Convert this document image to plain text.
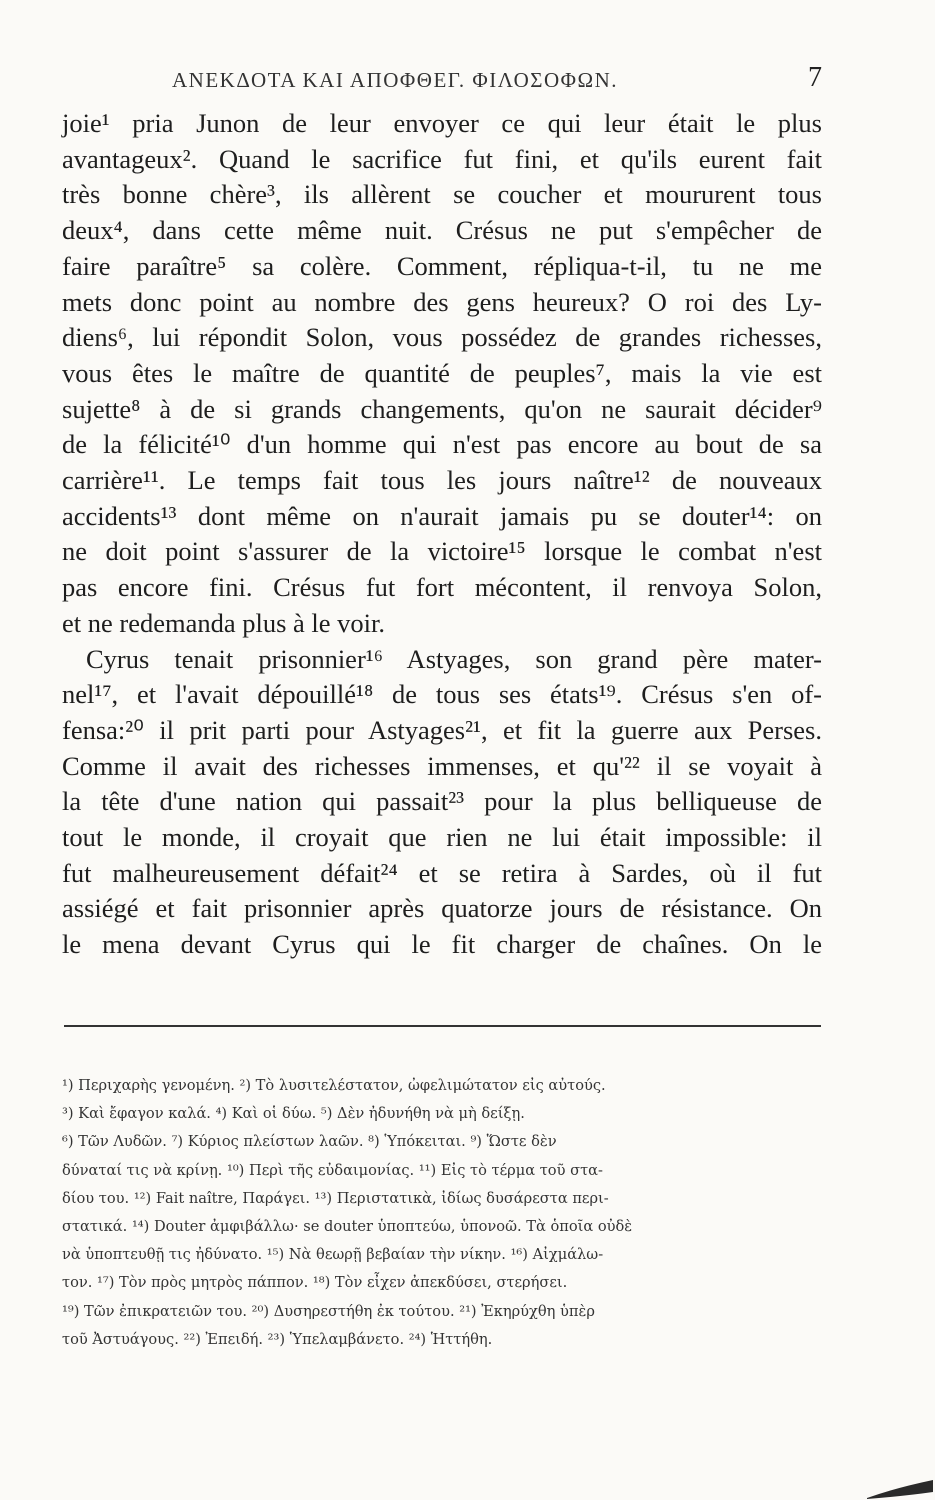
ΑΝΕΚΔΟΤΑ ΚΑΙ ΑΠΟΦΘΕΓ. ΦΙΛΟΣΟΦΩΝ.	7
joie¹ pria Junon de leur envoyer ce qui leur était le plus
avantageux². Quand le sacrifice fut fini, et qu'ils eurent fait
très bonne chère³, ils allèrent se coucher et moururent tous
deux⁴, dans cette même nuit. Crésus ne put s'empêcher de
faire paraître⁵ sa colère. Comment, répliqua-t-il, tu ne me
mets donc point au nombre des gens heureux? O roi des Ly-
diens⁶, lui répondit Solon, vous possédez de grandes richesses,
vous êtes le maître de quantité de peuples⁷, mais la vie est
sujette⁸ à de si grands changements, qu'on ne saurait décider⁹
de la félicité¹⁰ d'un homme qui n'est pas encore au bout de sa
carrière¹¹. Le temps fait tous les jours naître¹² de nouveaux
accidents¹³ dont même on n'aurait jamais pu se douter¹⁴: on
ne doit point s'assurer de la victoire¹⁵ lorsque le combat n'est
pas encore fini. Crésus fut fort mécontent, il renvoya Solon,
et ne redemanda plus à le voir.
Cyrus tenait prisonnier¹⁶ Astyages, son grand père mater-
nel¹⁷, et l'avait dépouillé¹⁸ de tous ses états¹⁹. Crésus s'en of-
fensa:²⁰ il prit parti pour Astyages²¹, et fit la guerre aux Perses.
Comme il avait des richesses immenses, et qu'²² il se voyait à
la tête d'une nation qui passait²³ pour la plus belliqueuse de
tout le monde, il croyait que rien ne lui était impossible: il
fut malheureusement défait²⁴ et se retira à Sardes, où il fut
assiégé et fait prisonnier après quatorze jours de résistance. On
le mena devant Cyrus qui le fit charger de chaînes. On le
¹) Περιχαρὴς γενομένη. ²) Τὸ λυσιτελέστατον, ὠφελιμώτατον εἰς αὐτούς.
³) Καὶ ἔφαγον καλά. ⁴) Καὶ οἱ δύω. ⁵) Δὲν ἠδυνήθη νὰ μὴ δείξῃ.
⁶) Τῶν Λυδῶν. ⁷) Κύριος πλείστων λαῶν. ⁸) Ὑπόκειται. ⁹) Ὥστε δὲν
δύναταί τις νὰ κρίνῃ. ¹⁰) Περὶ τῆς εὐδαιμονίας. ¹¹) Εἰς τὸ τέρμα τοῦ στα-
δίου του. ¹²) Fait naître, Παράγει. ¹³) Περιστατικὰ, ἰδίως δυσάρεστα περι-
στατικά. ¹⁴) Douter ἀμφιβάλλω· se douter ὑποπτεύω, ὑπονοῶ. Τὰ ὁποῖα οὐδὲ
νὰ ὑποπτευθῇ τις ἠδύνατο. ¹⁵) Νὰ θεωρῇ βεβαίαν τὴν νίκην. ¹⁶) Αἰχμάλω-
τον. ¹⁷) Τὸν πρὸς μητρὸς πάππον. ¹⁸) Τὸν εἶχεν ἀπεκδύσει, στερήσει.
¹⁹) Τῶν ἐπικρατειῶν του. ²⁰) Δυσηρεστήθη ἐκ τούτου. ²¹) Ἐκηρύχθη ὑπὲρ
τοῦ Ἀστυάγους. ²²) Ἐπειδή. ²³) Ὑπελαμβάνετο. ²⁴) Ἡττήθη.
